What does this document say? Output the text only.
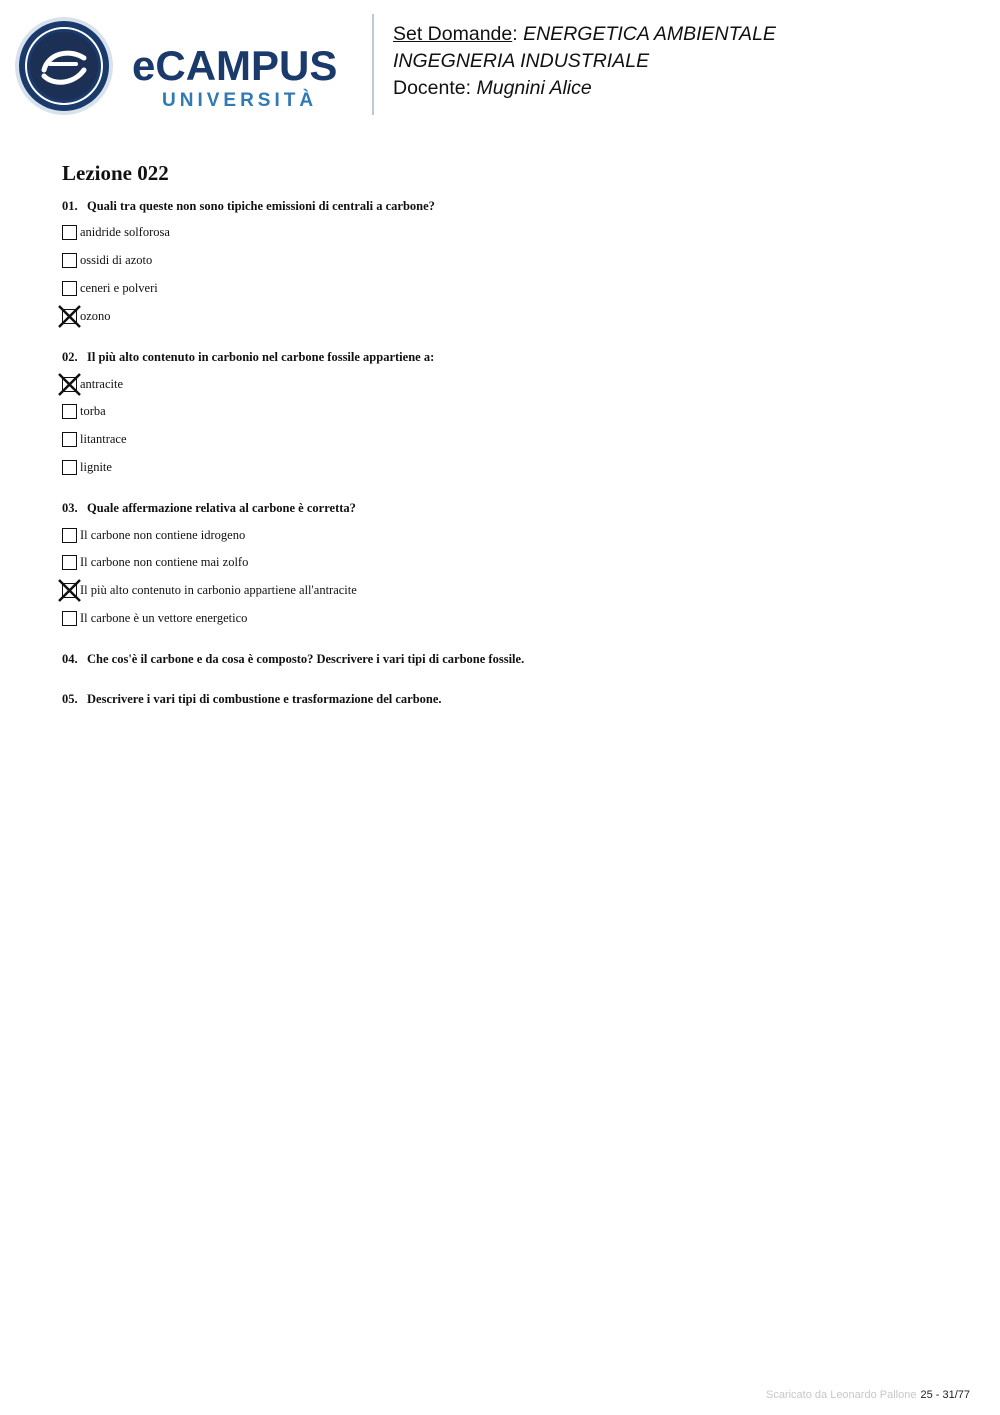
eCAMPUS
UNIVERSITÀ
Set Domande: ENERGETICA AMBIENTALE
INGEGNERIA INDUSTRIALE
Docente: Mugnini Alice
Lezione 022
01. Quali tra queste non sono tipiche emissioni di centrali a carbone?
anidride solforosa
ossidi di azoto
ceneri e polveri
ozono
02. Il più alto contenuto in carbonio nel carbone fossile appartiene a:
antracite
torba
litantrace
lignite
03. Quale affermazione relativa al carbone è corretta?
Il carbone non contiene idrogeno
Il carbone non contiene mai zolfo
Il più alto contenuto in carbonio appartiene all'antracite
Il carbone è un vettore energetico
04. Che cos'è il carbone e da cosa è composto? Descrivere i vari tipi di carbone fossile.
05. Descrivere i vari tipi di combustione e trasformazione del carbone.
Scaricato da Leonardo Pallone 25 - 31/77
